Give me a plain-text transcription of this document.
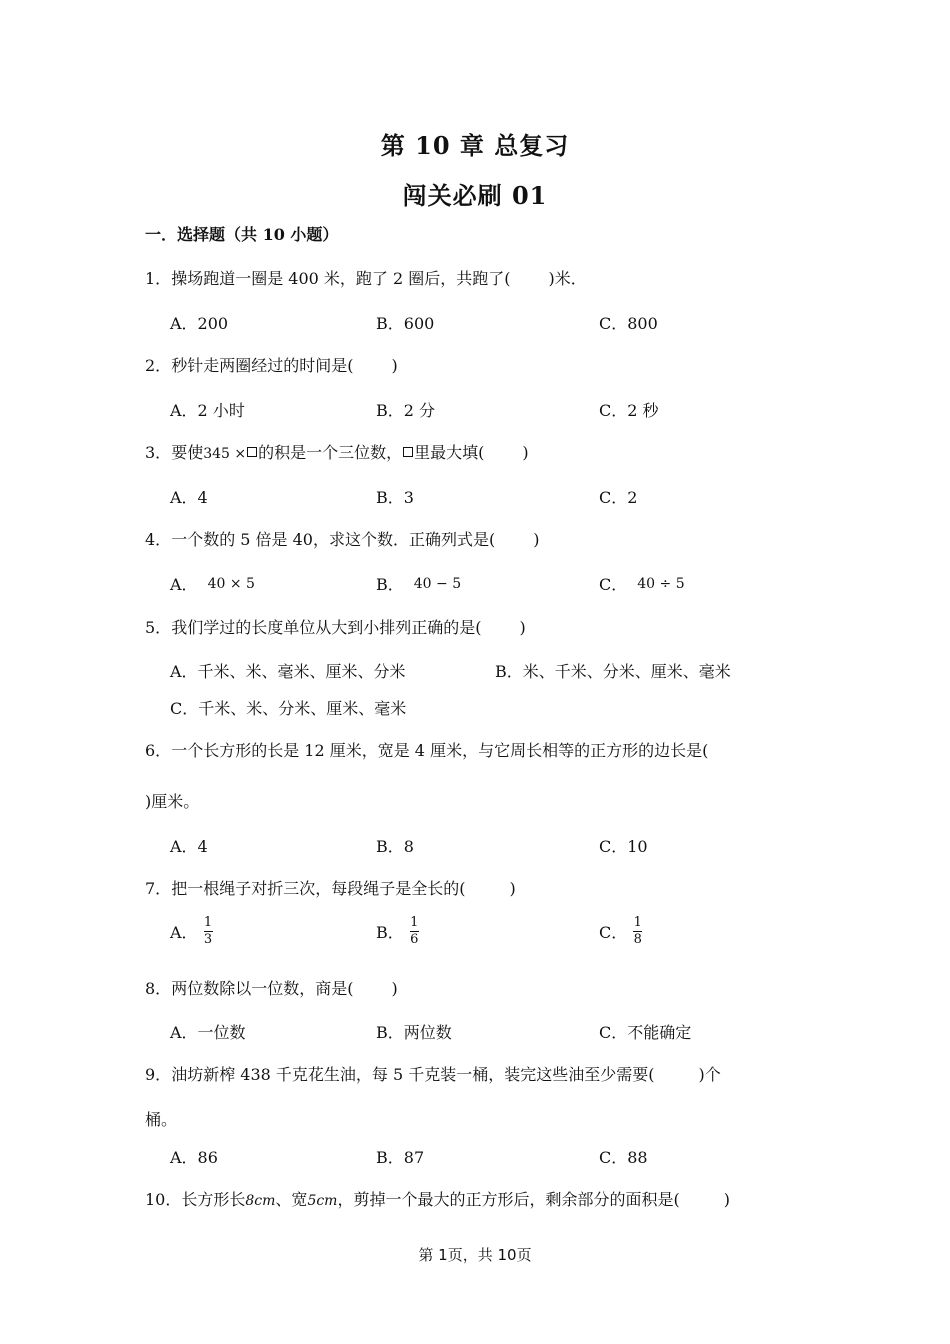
第 10 章 总复习
闯关必刷 01
一．选择题（共 10 小题）
1．操场跑道一圈是 400 米，跑了 2 圈后，共跑了( )米．
A．200	B．600	C．800
2．秒针走两圈经过的时间是( )
A．2 小时	B．2 分	C．2 秒
3．要使345 × 的积是一个三位数， 里最大填( )
A．4	B．3	C．2
4．一个数的 5 倍是 40，求这个数．正确列式是( )
A． 40 × 5	B． 40 − 5	C． 40 ÷ 5
5．我们学过的长度单位从大到小排列正确的是( )
A．千米、米、毫米、厘米、分米	B．米、千米、分米、厘米、毫米
C．千米、米、分米、厘米、毫米
6．一个长方形的长是 12 厘米，宽是 4 厘米，与它周长相等的正方形的边长是(
)厘米。
A．4	B．8	C．10
7．把一根绳子对折三次，每段绳子是全长的(	)
A． $\frac{1}{3}$	B． $\frac{1}{6}$	C． $\frac{1}{8}$
8．两位数除以一位数，商是( )
A．一位数	B．两位数	C．不能确定
9．油坊新榨 438 千克花生油，每 5 千克装一桶，装完这些油至少需要(	)个
桶。
A．86	B．87	C．88
10．长方形长8cm、宽5cm，剪掉一个最大的正方形后，剩余部分的面积是(	)
第 1页，共 10页
